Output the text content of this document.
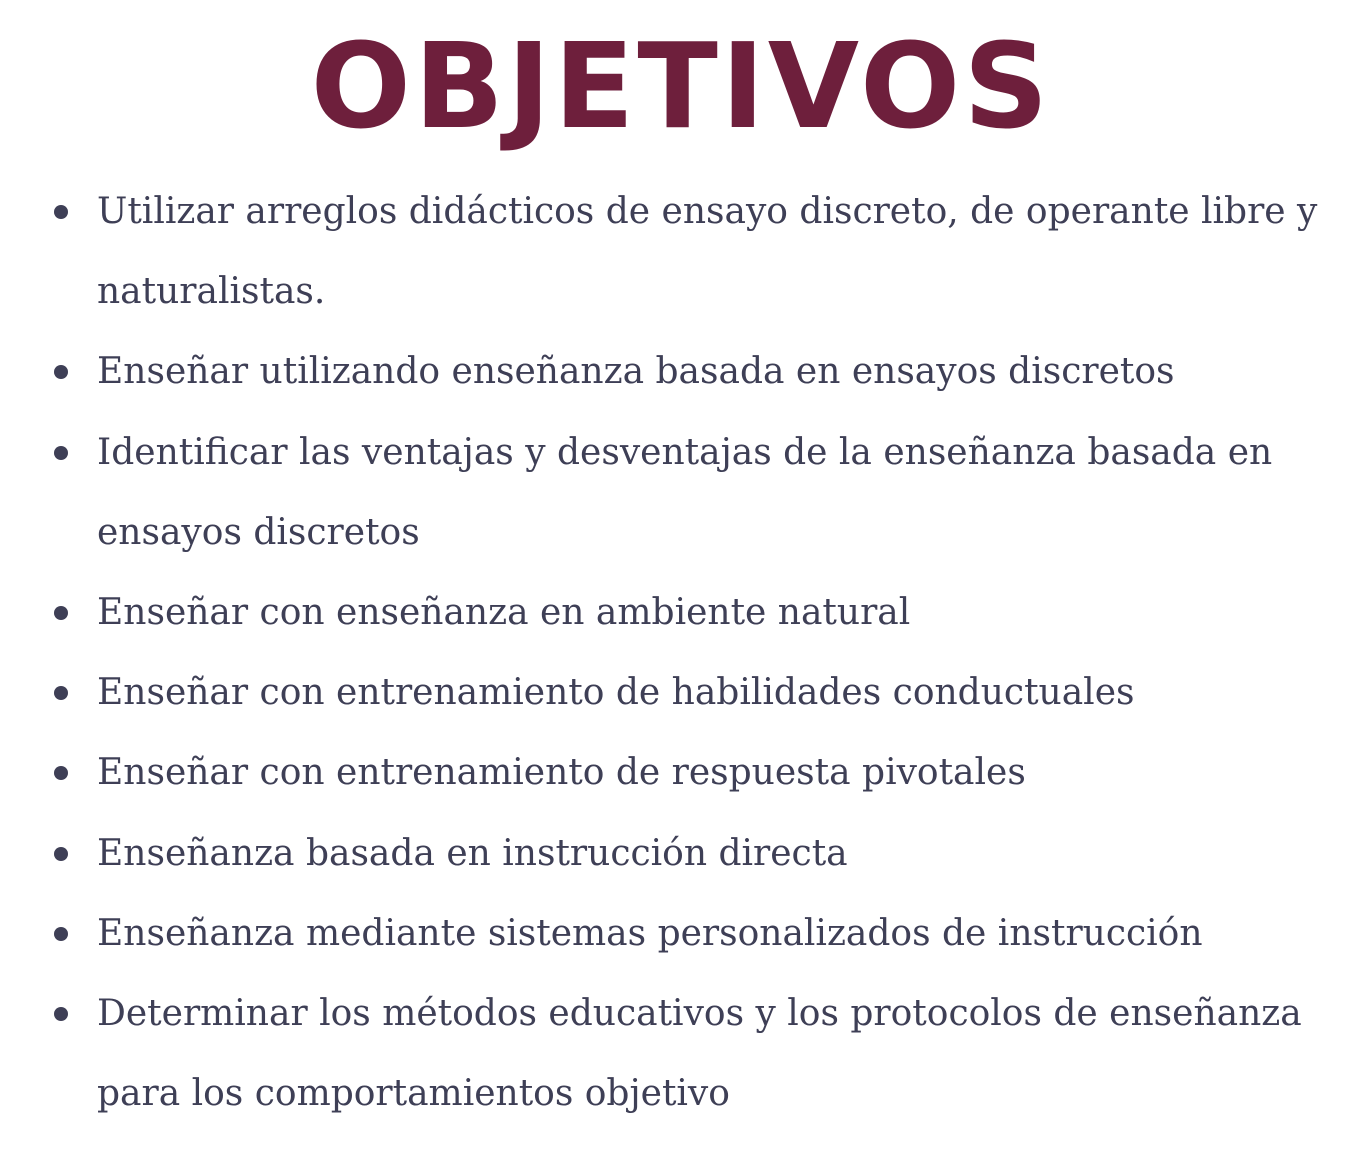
OBJETIVOS
Utilizar arreglos didácticos de ensayo discreto, de operante libre y naturalistas.
Enseñar utilizando enseñanza basada en ensayos discretos
Identificar las ventajas y desventajas de la enseñanza basada en ensayos discretos
Enseñar con enseñanza en ambiente natural
Enseñar con entrenamiento de habilidades conductuales
Enseñar con entrenamiento de respuesta pivotales
Enseñanza basada en instrucción directa
Enseñanza mediante sistemas personalizados de instrucción
Determinar los métodos educativos y los protocolos de enseñanza para los comportamientos objetivo
